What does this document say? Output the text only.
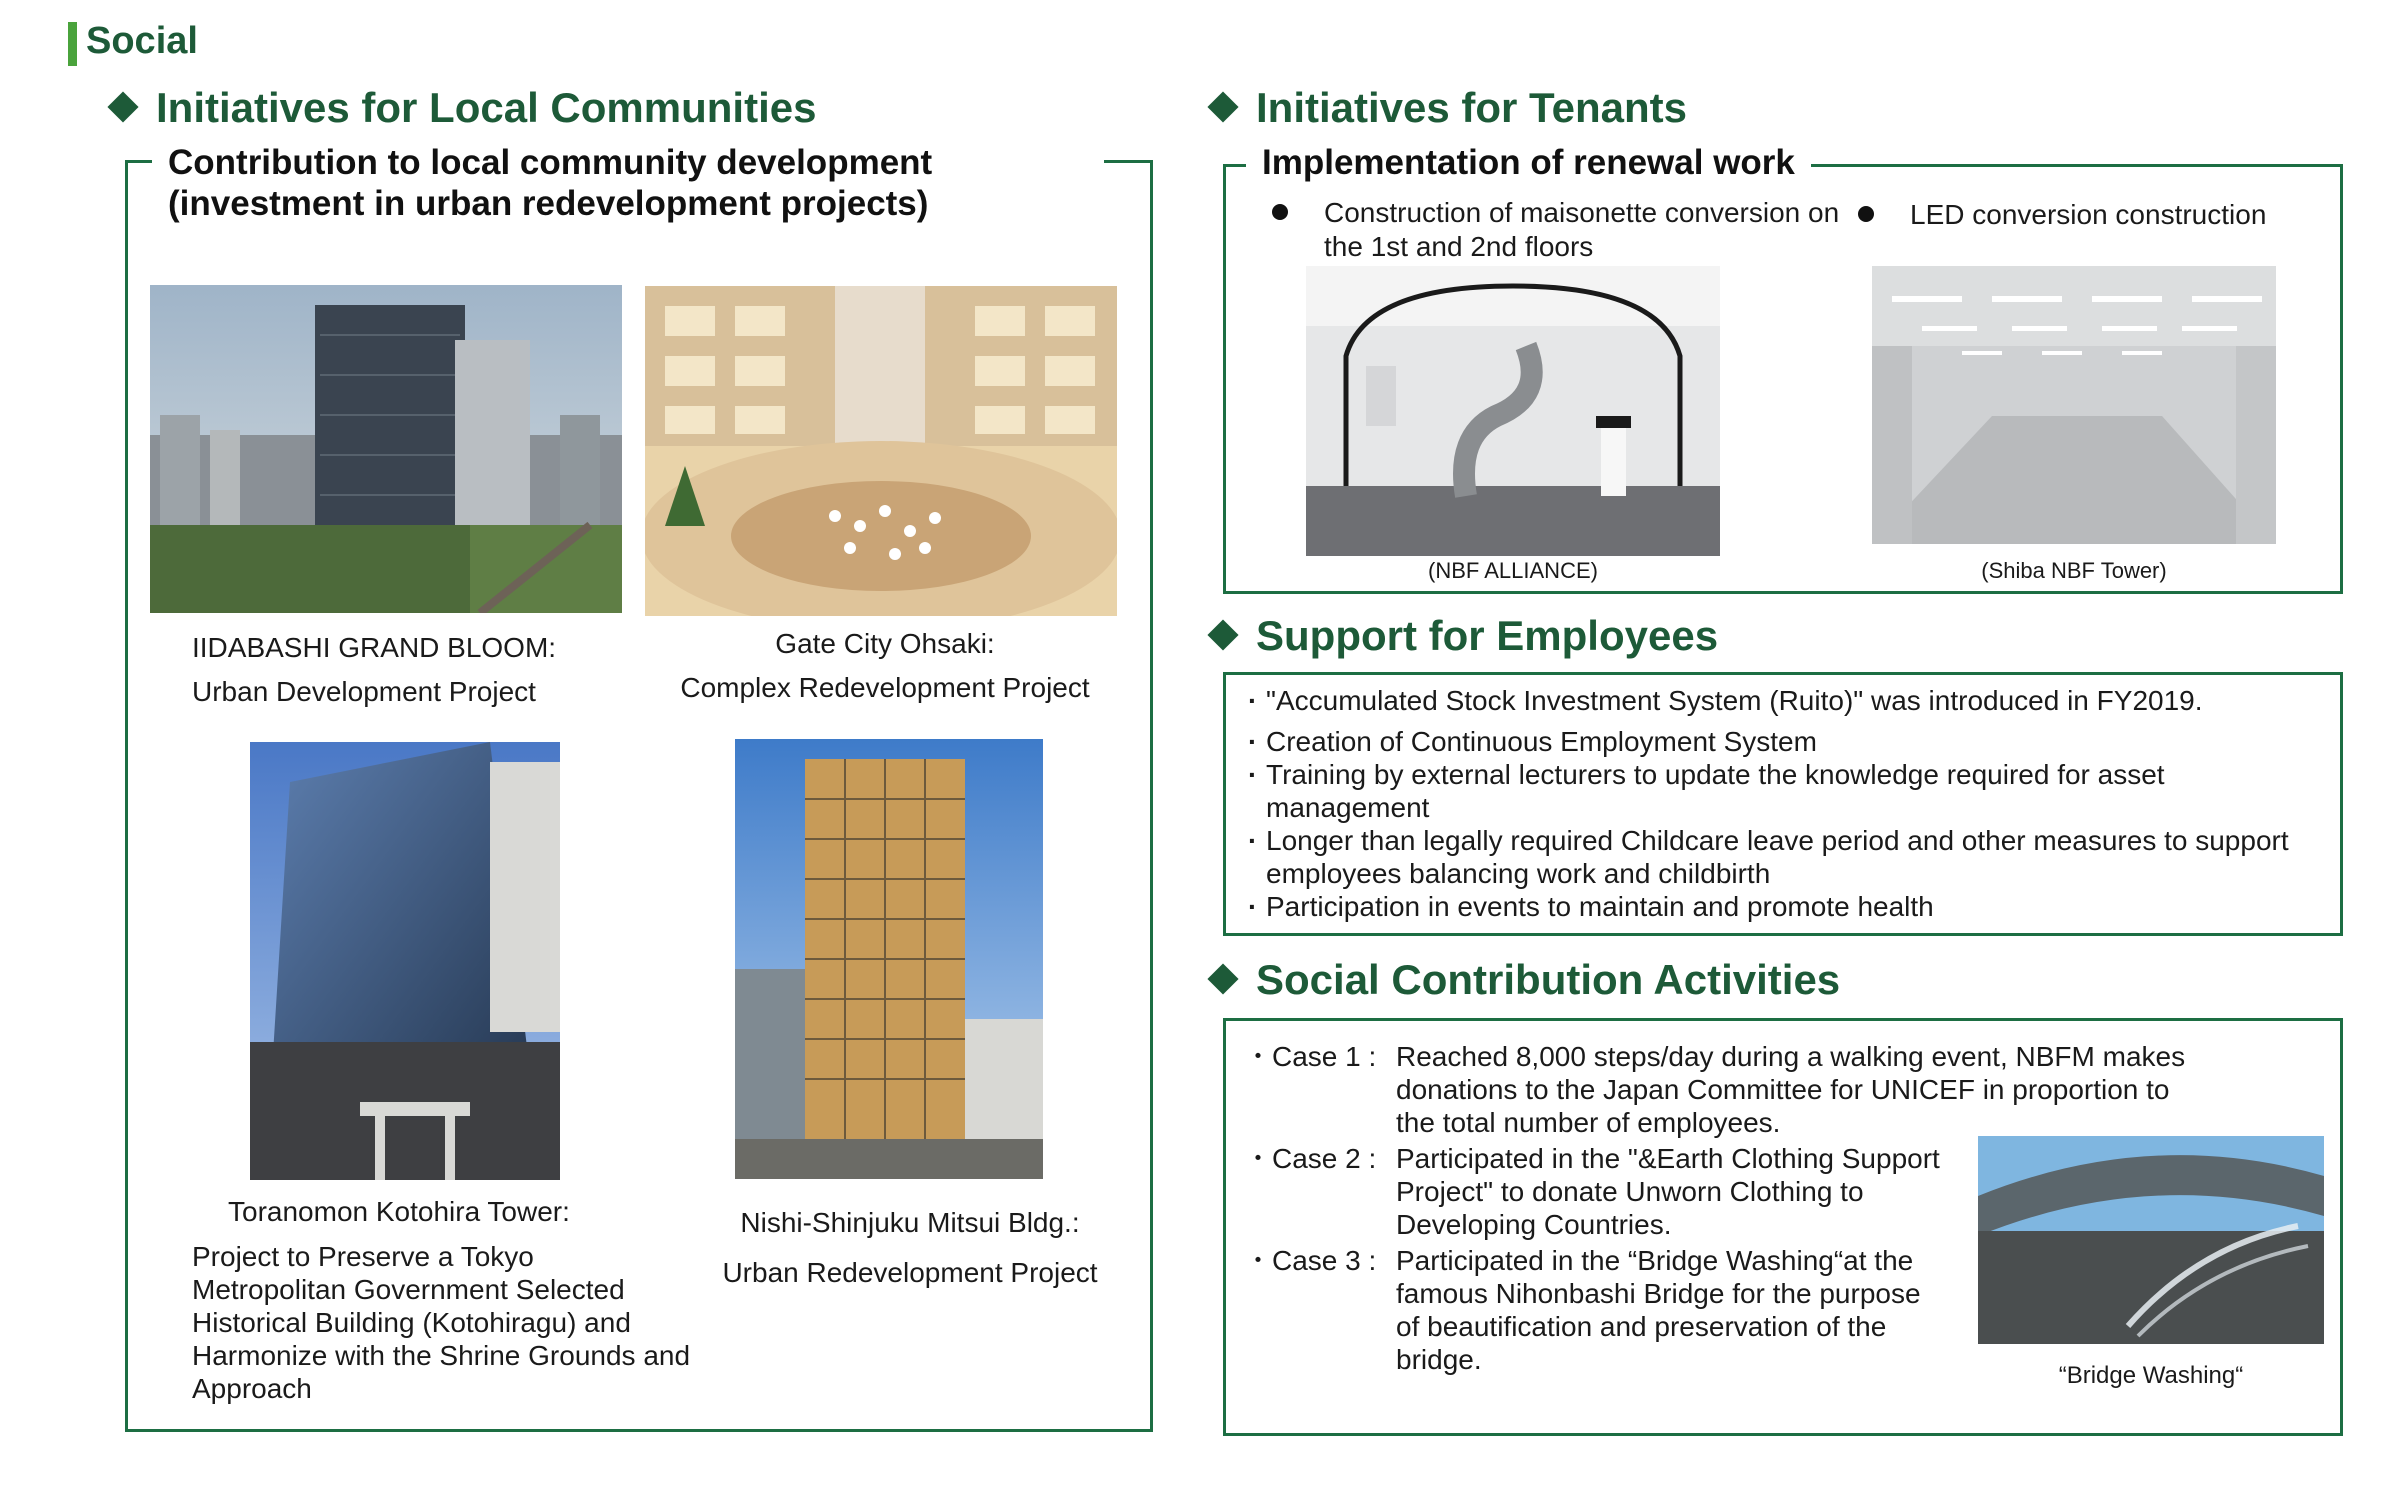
Social
Initiatives for Local Communities
Contribution to local community development
(investment in urban redevelopment projects)
IIDABASHI GRAND BLOOM:
Urban Development Project
Gate City Ohsaki:
Complex Redevelopment Project
Toranomon Kotohira Tower:
Project to Preserve a Tokyo Metropolitan Government Selected Historical Building (Kotohiragu) and Harmonize with the Shrine Grounds and Approach
Nishi-Shinjuku Mitsui Bldg.:
Urban Redevelopment Project
Initiatives for Tenants
Implementation of renewal work
Construction of maisonette conversion on the 1st and 2nd floors
LED conversion construction
(NBF ALLIANCE)	(Shiba NBF Tower)
Support for Employees
· "Accumulated Stock Investment System (Ruito)" was introduced in FY2019.
· Creation of Continuous Employment System
· Training by external lecturers to update the knowledge required for asset management
· Longer than legally required Childcare leave period and other measures to support employees balancing work and childbirth
· Participation in events to maintain and promote health
Social Contribution Activities
・Case 1 : Reached 8,000 steps/day during a walking event, NBFM makes donations to the Japan Committee for UNICEF in proportion to the total number of employees.
・Case 2 : Participated in the "&Earth Clothing Support Project" to donate Unworn Clothing to Developing Countries.
・Case 3 : Participated in the “Bridge Washing“at the famous Nihonbashi Bridge for the purpose of beautification and preservation of the bridge.
“Bridge Washing“
